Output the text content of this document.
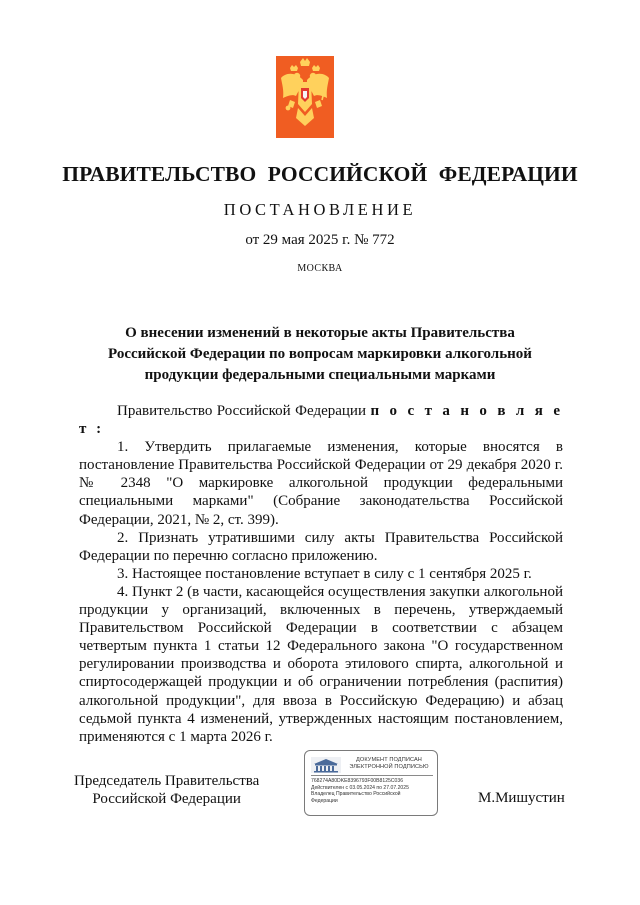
ПРАВИТЕЛЬСТВО РОССИЙСКОЙ ФЕДЕРАЦИИ
ПОСТАНОВЛЕНИЕ
от 29 мая 2025 г. № 772
МОСКВА
О внесении изменений в некоторые акты Правительства
Российской Федерации по вопросам маркировки алкогольной
продукции федеральными специальными марками

Правительство Российской Федерации п о с т а н о в л я е т :

1. Утвердить прилагаемые изменения, которые вносятся в постановление Правительства Российской Федерации от 29 декабря 2020 г. № 2348 "О маркировке алкогольной продукции федеральными специальными марками" (Собрание законодательства Российской Федерации, 2021, № 2, ст. 399).

2. Признать утратившими силу акты Правительства Российской Федерации по перечню согласно приложению.

3. Настоящее постановление вступает в силу с 1 сентября 2025 г.

4. Пункт 2 (в части, касающейся осуществления закупки алкогольной продукции у организаций, включенных в перечень, утверждаемый Правительством Российской Федерации в соответствии с абзацем четвертым пункта 1 статьи 12 Федерального закона "О государственном регулировании производства и оборота этилового спирта, алкогольной и спиртосодержащей продукции и об ограничении потребления (распития) алкогольной продукции", для ввоза в Российскую Федерацию) и абзац седьмой пункта 4 изменений, утвержденных настоящим постановлением, применяются с 1 марта 2026 г.

Председатель Правительства
Российской Федерации
ДОКУМЕНТ ПОДПИСАН
ЭЛЕКТРОННОЙ ПОДПИСЬЮ
768274A80DKE8396793F00B8125C036
Действителен с 03.05.2024 по 27.07.2025
Владелец Правительство Российской
Федерации	М.Мишустин
